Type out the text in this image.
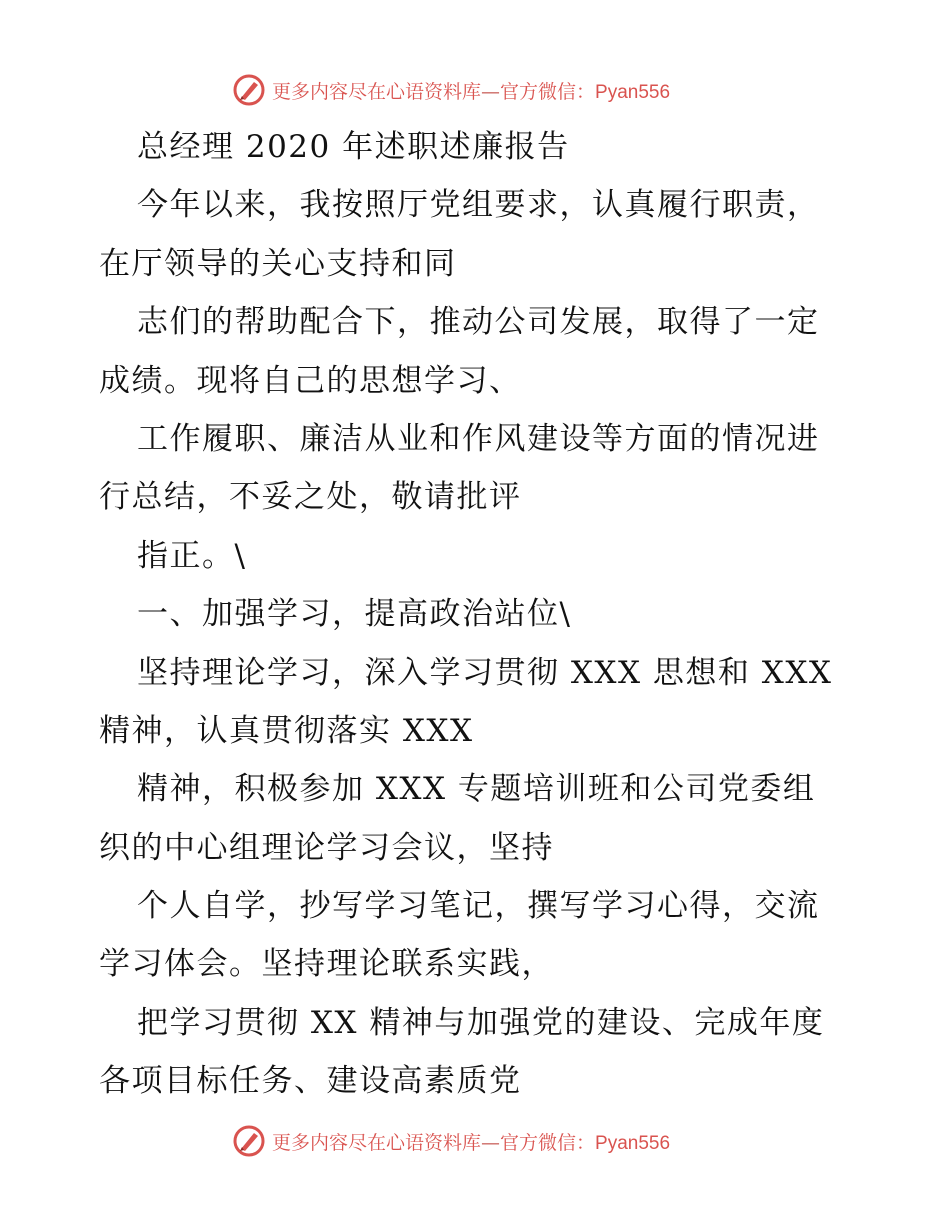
更多内容尽在心语资料库—官方微信：Pyan556
总经理 2020 年述职述廉报告
今年以来，我按照厅党组要求，认真履行职责，
在厅领导的关心支持和同
志们的帮助配合下，推动公司发展，取得了一定
成绩。现将自己的思想学习、
工作履职、廉洁从业和作风建设等方面的情况进
行总结，不妥之处，敬请批评
指正。\
一、加强学习，提高政治站位\
坚持理论学习，深入学习贯彻 XXX 思想和 XXX
精神，认真贯彻落实 XXX
精神，积极参加 XXX 专题培训班和公司党委组
织的中心组理论学习会议，坚持
个人自学，抄写学习笔记，撰写学习心得，交流
学习体会。坚持理论联系实践，
把学习贯彻 XX 精神与加强党的建设、完成年度
各项目标任务、建设高素质党
更多内容尽在心语资料库—官方微信：Pyan556
